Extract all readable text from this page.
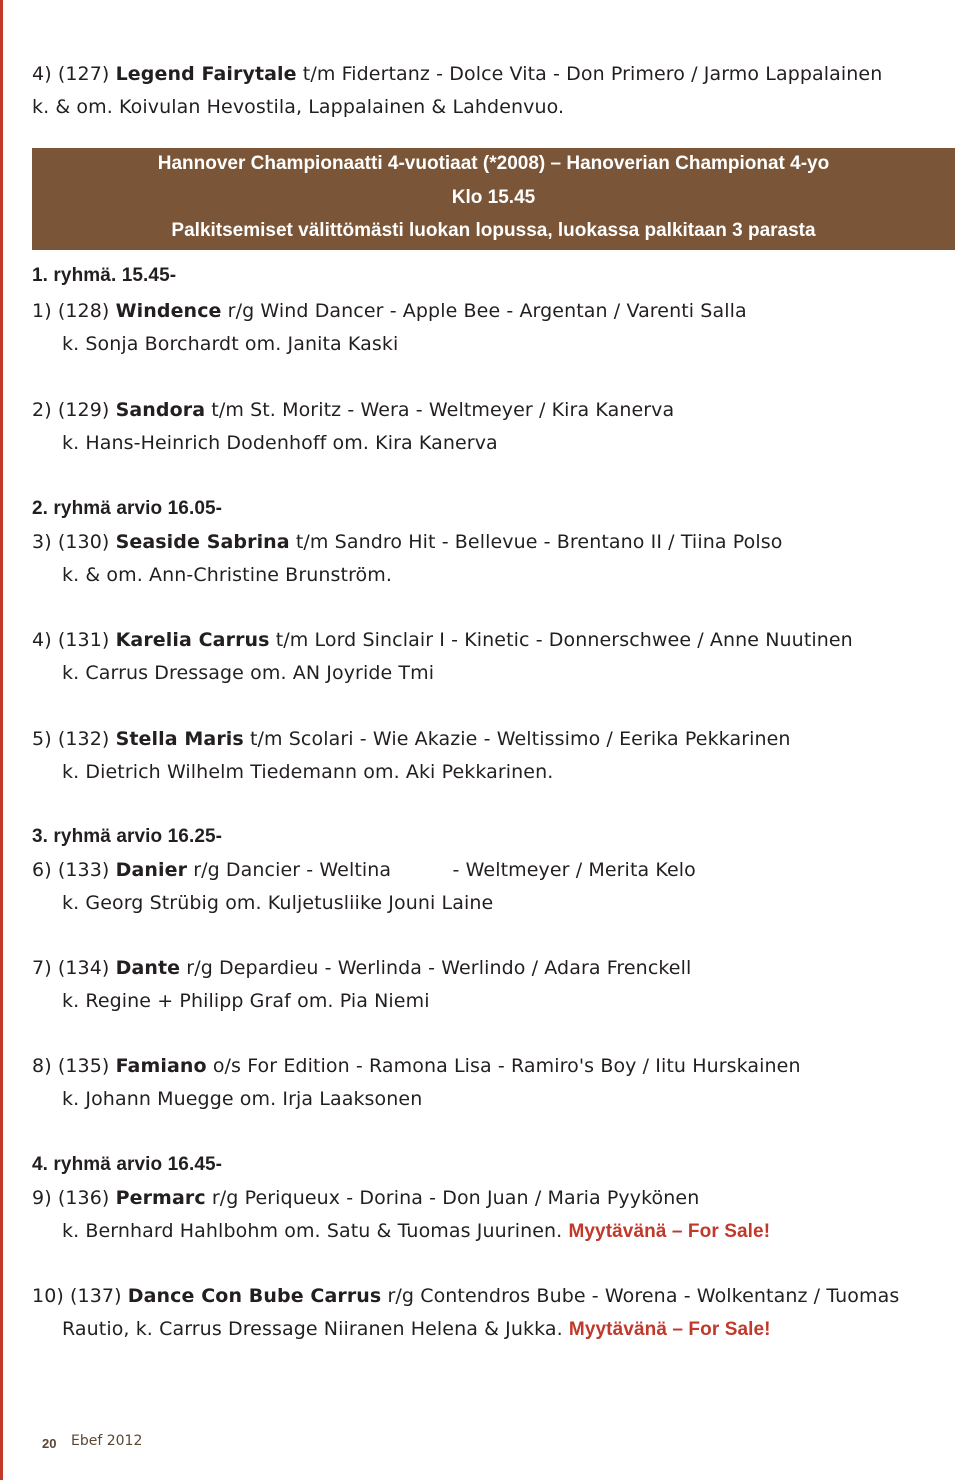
4) (127) Legend Fairytale t/m Fidertanz - Dolce Vita - Don Primero / Jarmo Lappalainen
k. & om. Koivulan Hevostila, Lappalainen & Lahdenvuo.
Hannover Championaatti 4-vuotiaat (*2008) – Hanoverian Championat 4-yo
Klo 15.45
Palkitsemiset välittömästi luokan lopussa, luokassa palkitaan 3 parasta
1. ryhmä. 15.45-
1) (128) Windence r/g Wind Dancer - Apple Bee - Argentan / Varenti Salla
k. Sonja Borchardt om. Janita Kaski
2) (129) Sandora t/m St. Moritz - Wera - Weltmeyer / Kira Kanerva
k. Hans-Heinrich Dodenhoff om. Kira Kanerva
2. ryhmä arvio 16.05-
3) (130) Seaside Sabrina t/m Sandro Hit - Bellevue - Brentano II / Tiina Polso
k. & om. Ann-Christine Brunström.
4) (131) Karelia Carrus t/m Lord Sinclair I - Kinetic - Donnerschwee / Anne Nuutinen
k. Carrus Dressage om. AN Joyride Tmi
5) (132) Stella Maris t/m Scolari - Wie Akazie - Weltissimo / Eerika Pekkarinen
k. Dietrich Wilhelm Tiedemann om. Aki Pekkarinen.
3. ryhmä arvio 16.25-
6) (133) Danier r/g Dancier - Weltina          - Weltmeyer / Merita Kelo
k. Georg Strübig om. Kuljetusliike Jouni Laine
7) (134) Dante r/g Depardieu - Werlinda - Werlindo / Adara Frenckell
k. Regine + Philipp Graf om. Pia Niemi
8) (135) Famiano o/s For Edition - Ramona Lisa - Ramiro's Boy / Iitu Hurskainen
k. Johann Muegge om. Irja Laaksonen
4. ryhmä arvio 16.45-
9) (136) Permarc r/g Periqueux - Dorina - Don Juan / Maria Pyykönen
k. Bernhard Hahlbohm om. Satu & Tuomas Juurinen. Myytävänä – For Sale!
10) (137) Dance Con Bube Carrus r/g Contendros Bube - Worena - Wolkentanz / Tuomas
Rautio, k. Carrus Dressage Niiranen Helena & Jukka. Myytävänä – For Sale!
20 Ebef 2012
